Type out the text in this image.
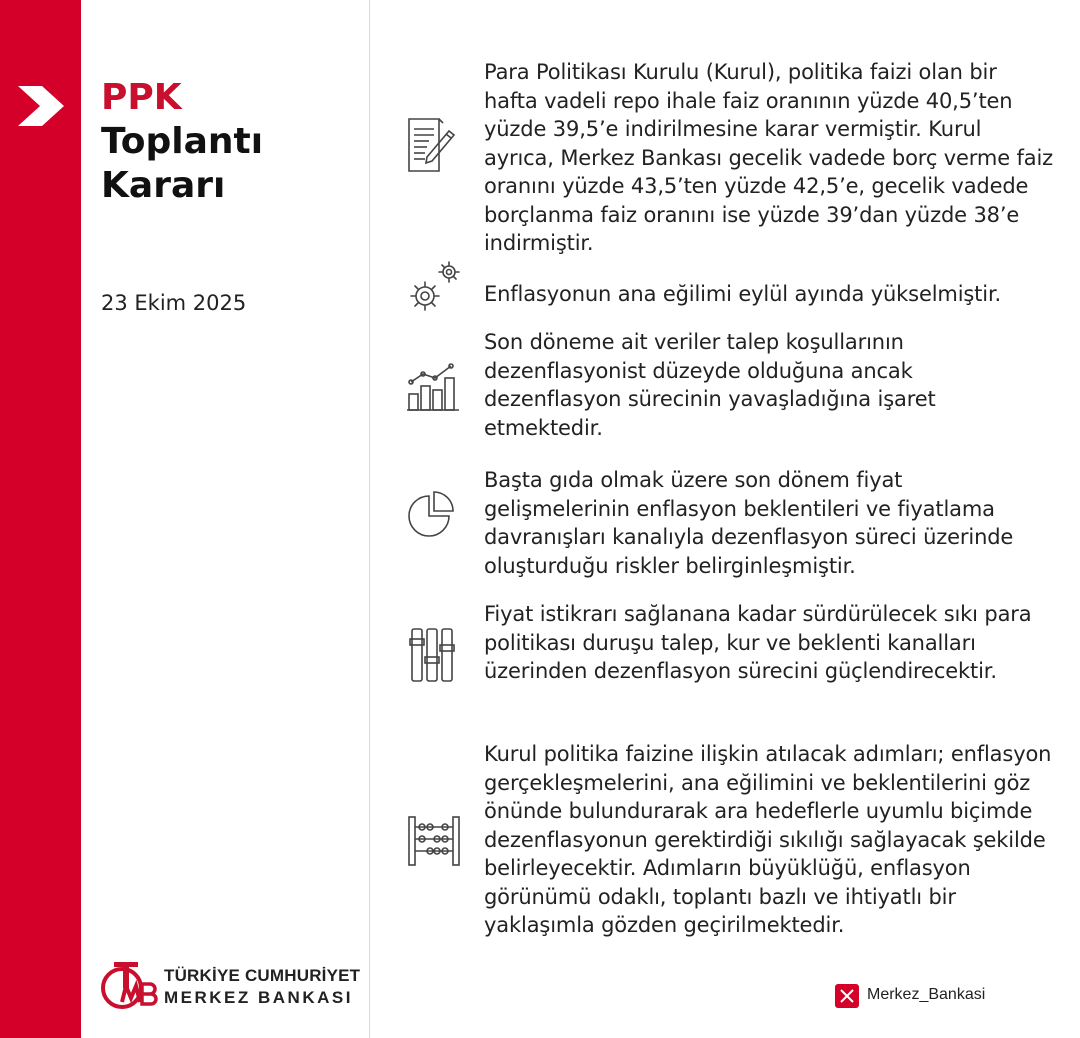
PPK
Toplantı
Kararı
23 Ekim 2025

Para Politikası Kurulu (Kurul), politika faizi olan bir hafta vadeli repo ihale faiz oranının yüzde 40,5’ten yüzde 39,5’e indirilmesine karar vermiştir. Kurul ayrıca, Merkez Bankası gecelik vadede borç verme faiz oranını yüzde 43,5’ten yüzde 42,5’e, gecelik vadede borçlanma faiz oranını ise yüzde 39’dan yüzde 38’e indirmiştir.

Enflasyonun ana eğilimi eylül ayında yükselmiştir.

Son döneme ait veriler talep koşullarının dezenflasyonist düzeyde olduğuna ancak dezenflasyon sürecinin yavaşladığına işaret etmektedir.

Başta gıda olmak üzere son dönem fiyat gelişmelerinin enflasyon beklentileri ve fiyatlama davranışları kanalıyla dezenflasyon süreci üzerinde oluşturduğu riskler belirginleşmiştir.

Fiyat istikrarı sağlanana kadar sürdürülecek sıkı para politikası duruşu talep, kur ve beklenti kanalları üzerinden dezenflasyon sürecini güçlendirecektir.

Kurul politika faizine ilişkin atılacak adımları; enflasyon gerçekleşmelerini, ana eğilimini ve beklentilerini göz önünde bulundurarak ara hedeflerle uyumlu biçimde dezenflasyonun gerektirdiği sıkılığı sağlayacak şekilde belirleyecektir. Adımların büyüklüğü, enflasyon görünümü odaklı, toplantı bazlı ve ihtiyatlı bir yaklaşımla gözden geçirilmektedir.

TÜRKİYE CUMHURİYET
MERKEZ BANKASI	Merkez_Bankasi
